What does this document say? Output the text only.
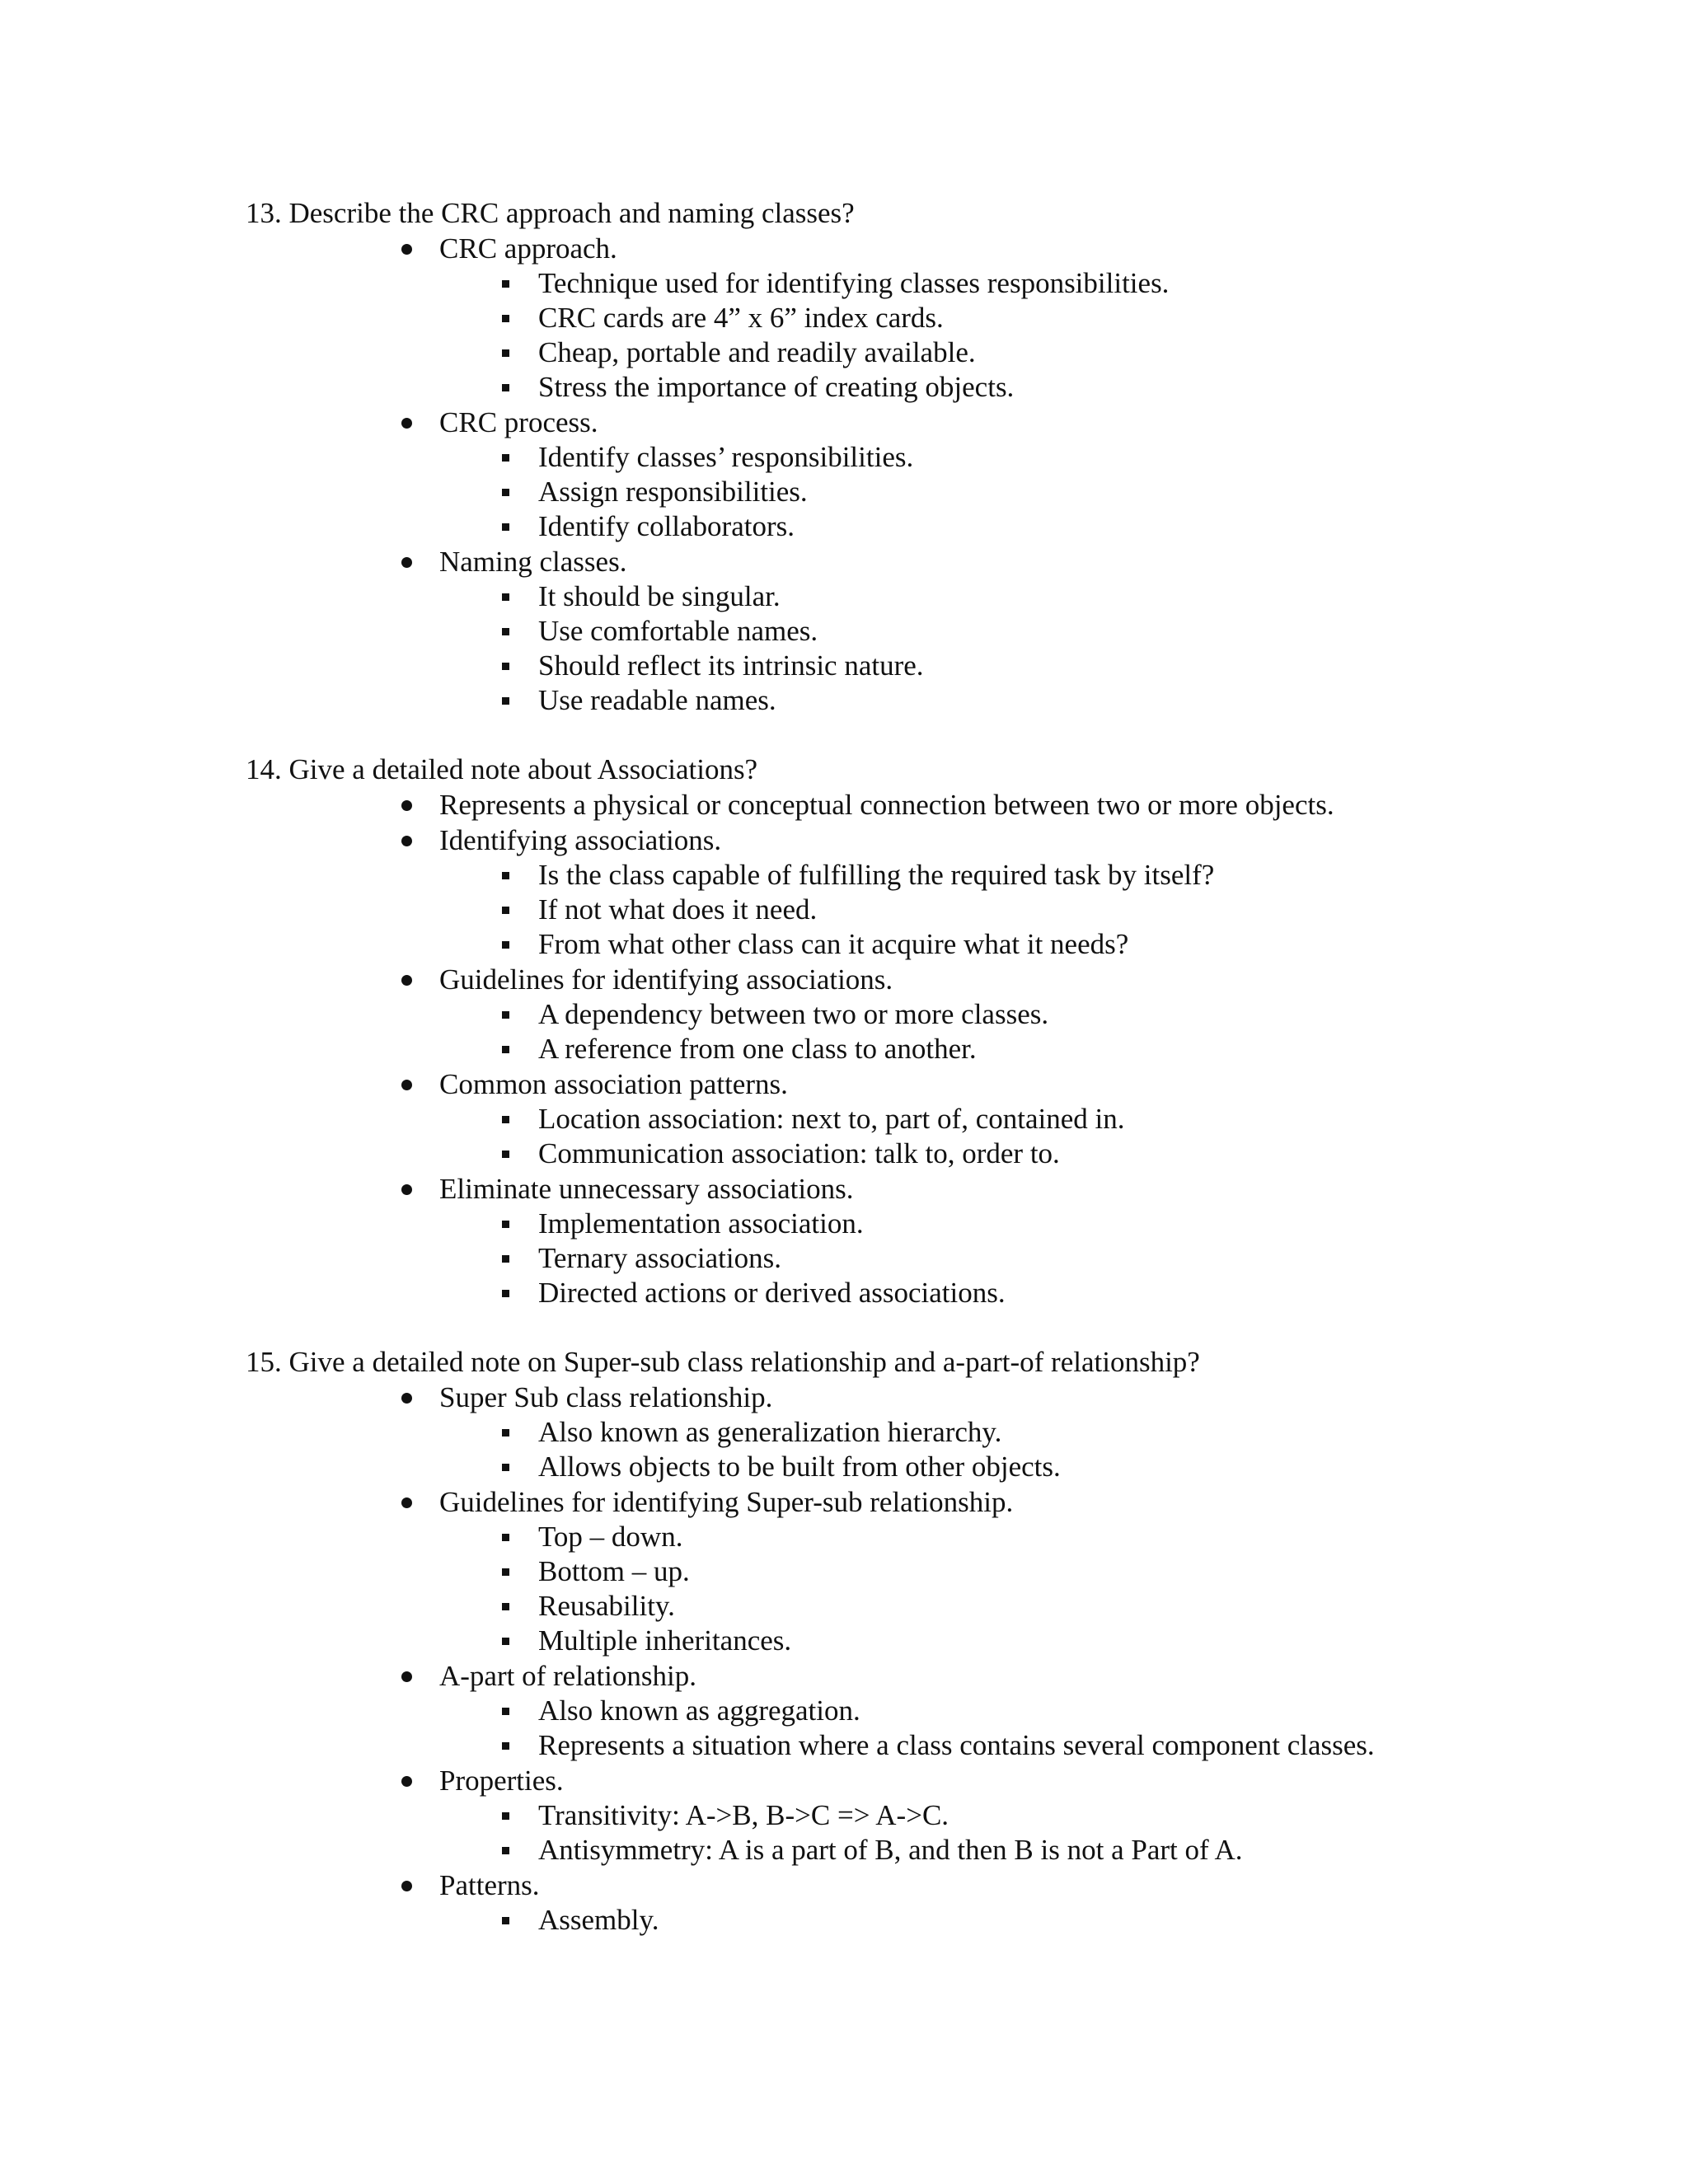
13. Describe the CRC approach and naming classes?
CRC approach.
Technique used for identifying classes responsibilities.
CRC cards are 4” x 6” index cards.
Cheap, portable and readily available.
Stress the importance of creating objects.
CRC process.
Identify classes’ responsibilities.
Assign responsibilities.
Identify collaborators.
Naming classes.
It should be singular.
Use comfortable names.
Should reflect its intrinsic nature.
Use readable names.
14. Give a detailed note about Associations?
Represents a physical or conceptual connection between two or more objects.
Identifying associations.
Is the class capable of fulfilling the required task by itself?
If not what does it need.
From what other class can it acquire what it needs?
Guidelines for identifying associations.
A dependency between two or more classes.
A reference from one class to another.
Common association patterns.
Location association: next to, part of, contained in.
Communication association: talk to, order to.
Eliminate unnecessary associations.
Implementation association.
Ternary associations.
Directed actions or derived associations.
15. Give a detailed note on Super-sub class relationship and a-part-of relationship?
Super Sub class relationship.
Also known as generalization hierarchy.
Allows objects to be built from other objects.
Guidelines for identifying Super-sub relationship.
Top – down.
Bottom – up.
Reusability.
Multiple inheritances.
A-part of relationship.
Also known as aggregation.
Represents a situation where a class contains several component classes.
Properties.
Transitivity: A->B, B->C => A->C.
Antisymmetry: A is a part of B, and then B is not a Part of A.
Patterns.
Assembly.
